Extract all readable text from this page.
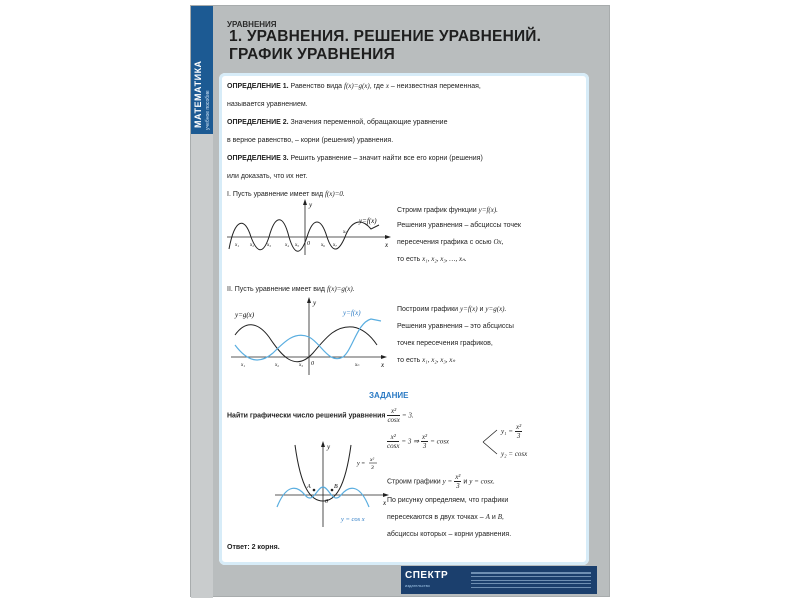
МАТЕМАТИКА учебное пособие
УРАВНЕНИЯ
1. УРАВНЕНИЯ. РЕШЕНИЕ УРАВНЕНИЙ. ГРАФИК УРАВНЕНИЯ
ОПРЕДЕЛЕНИЕ 1. Равенство вида f(x)=g(x), где x – неизвестная переменная,
называется уравнением.
ОПРЕДЕЛЕНИЕ 2. Значения переменной, обращающие уравнение
в верное равенство, – корни (решения) уравнения.
ОПРЕДЕЛЕНИЕ 3. Решить уравнение – значит найти все его корни (решения)
или доказать, что их нет.
I. Пусть уравнение имеет вид f(x)=0.
y=f(x)
y
x
0
x₁ x₂	x₃	x₄ x₅	x₆ x₇
xₙ
Строим график функции y=f(x).
Решения уравнения – абсциссы точек
пересечения графика с осью Ox,
то есть x₁, x₂, x₃, …, xₙ.
II. Пусть уравнение имеет вид f(x)=g(x).
y=g(x)	y=f(x)
y
x
0
x₁	x₂	x₃	xₙ
Построим графики y=f(x) и y=g(x).
Решения уравнения – это абсциссы
точек пересечения графиков,
то есть x₁, x₂, x₃, xₙ
ЗАДАНИЕ
Найти графически число решений уравнения $\frac{\text{x²}}{\cos x} = 3$.
A	B
y
x
0
y =
x²
3
y = cos x
$\frac{\text{x²}}{\cos x} = 3$ ⇒ $\frac{\text{x²}}{3} = \cos x$
$y_1 = \frac{\text{x²}}{3}$
y₂ = cosx
Строим графики $y = \frac{\text{x²}}{3}$ и y = cosx.
По рисунку определяем, что графики
пересекаются в двух точках – A и B,
абсциссы которых – корни уравнения.
Ответ: 2 корня.
СПЕКТР
издательство
